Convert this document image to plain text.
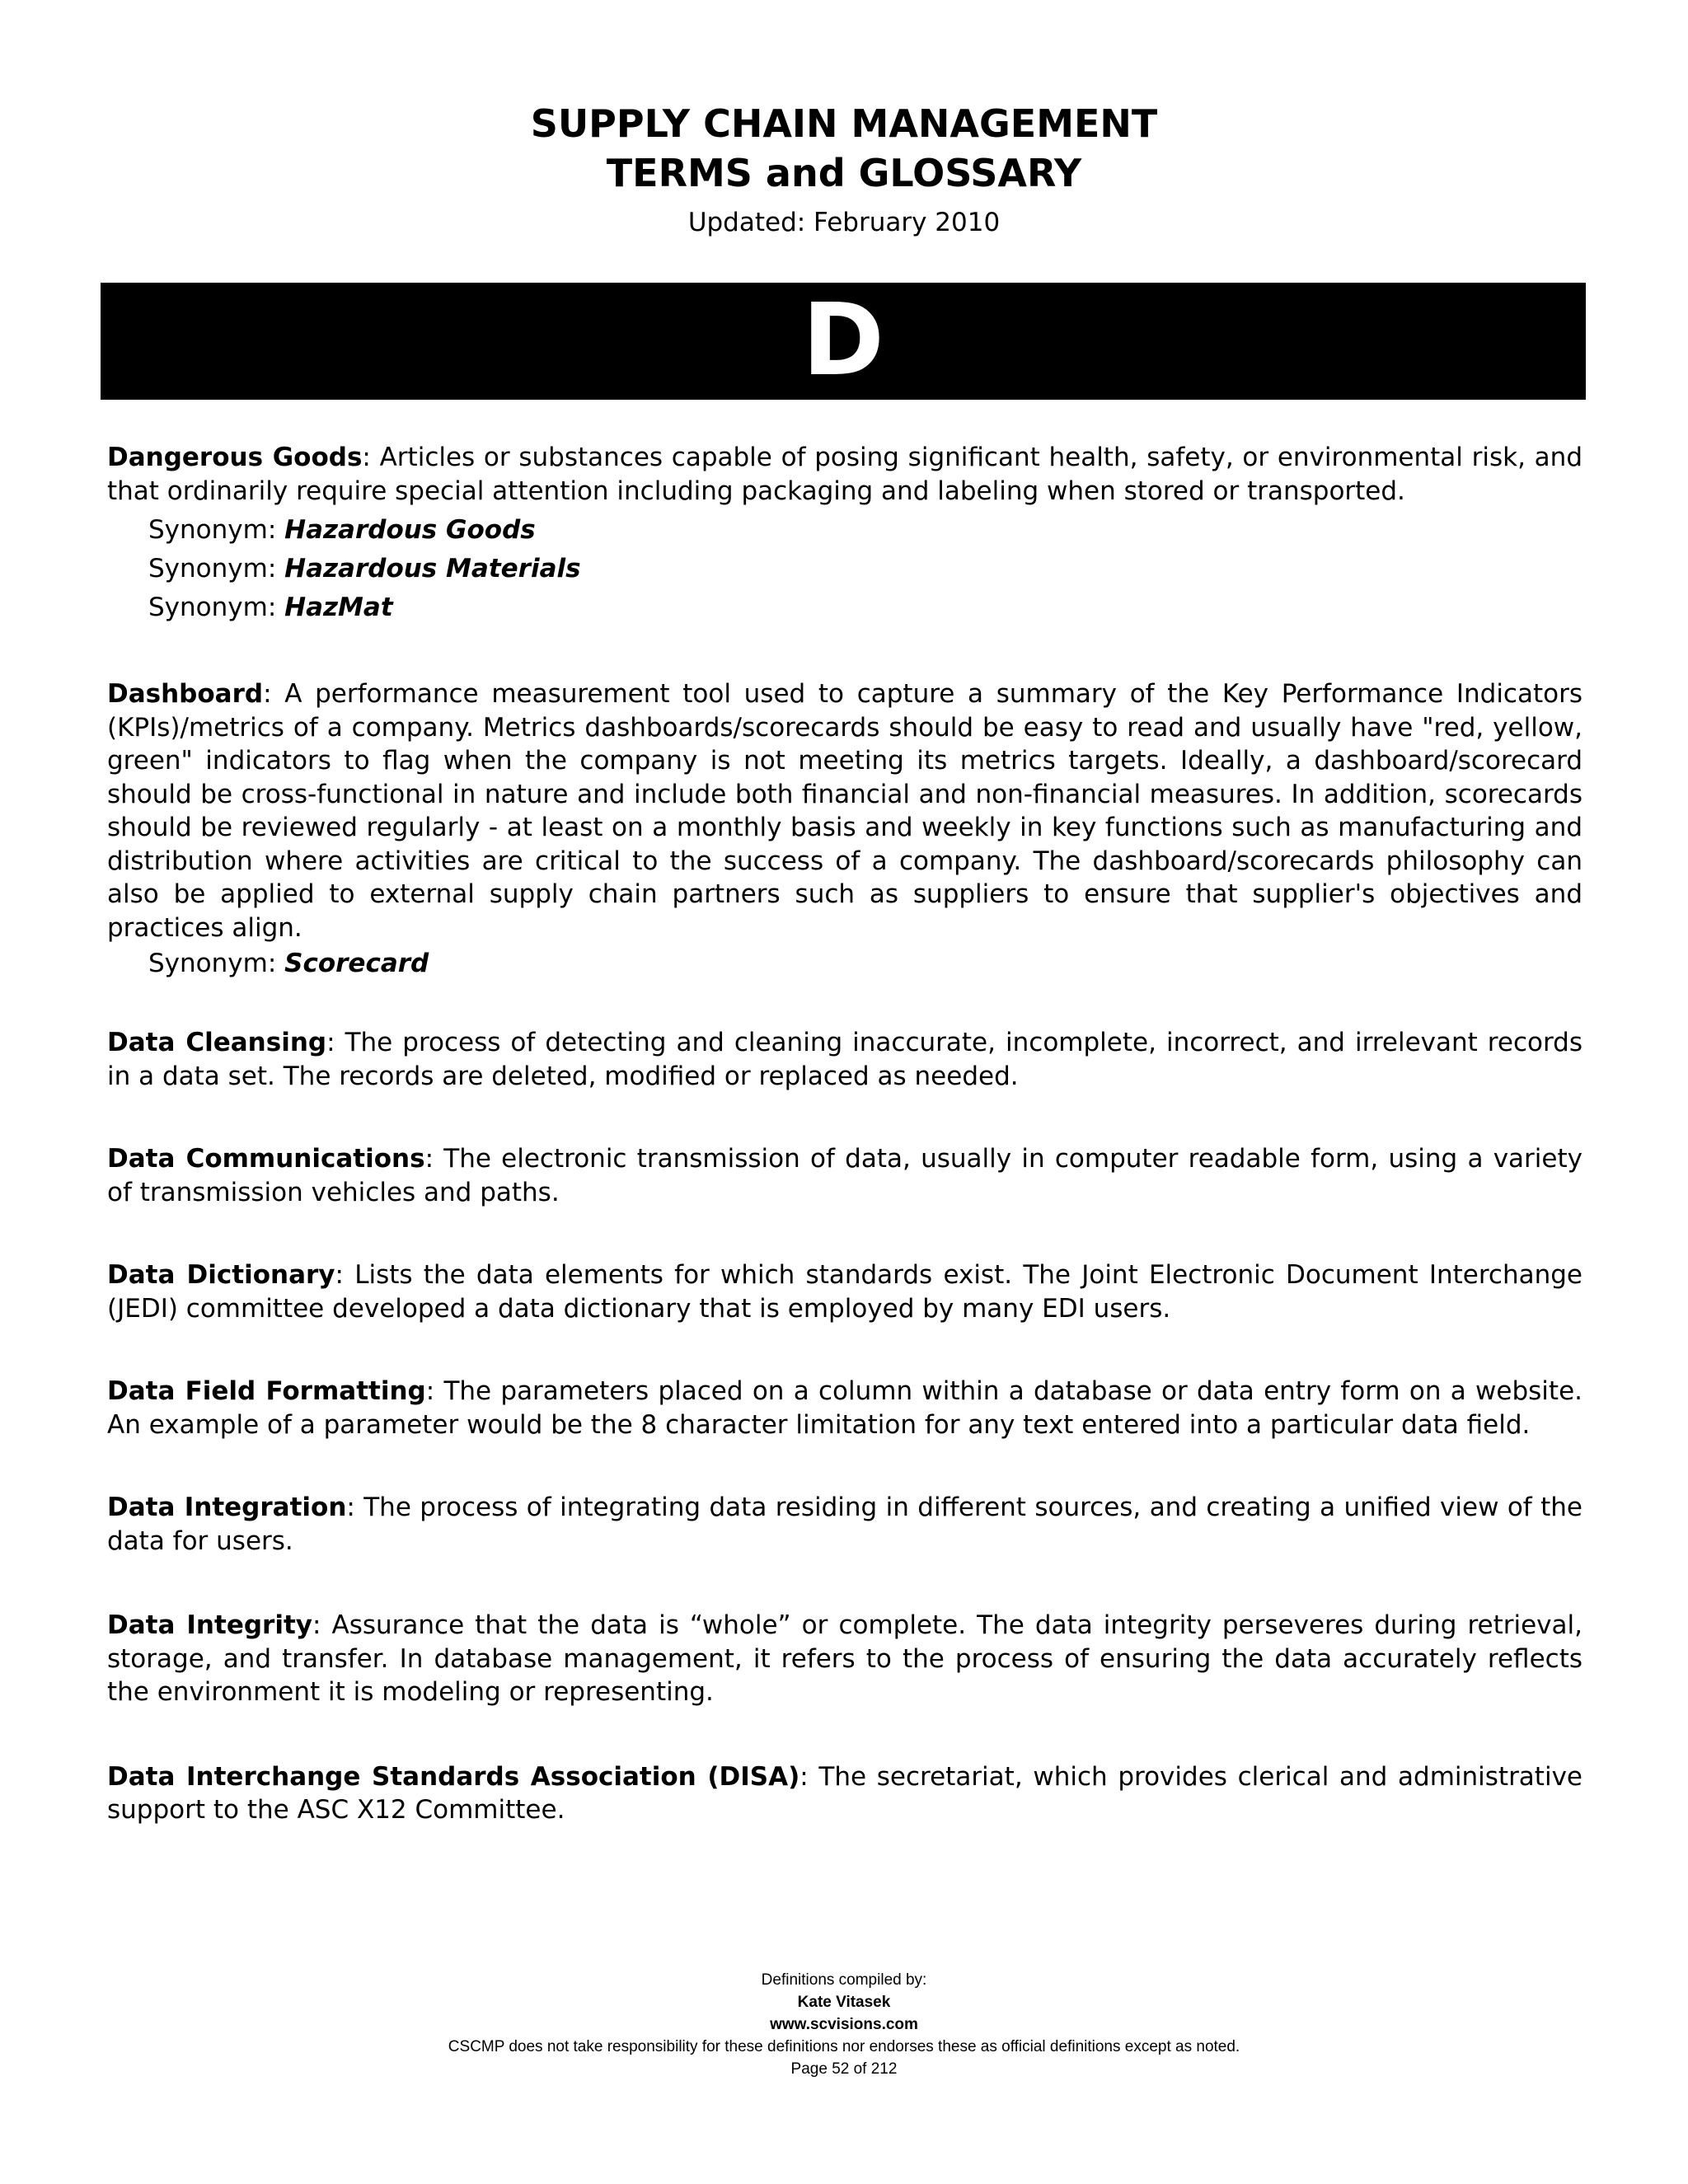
SUPPLY CHAIN MANAGEMENT
TERMS and GLOSSARY
Updated: February 2010
D

Dangerous Goods: Articles or substances capable of posing significant health, safety, or environmental risk, and that ordinarily require special attention including packaging and labeling when stored or transported.

Synonym: Hazardous Goods

Synonym: Hazardous Materials

Synonym: HazMat

Dashboard: A performance measurement tool used to capture a summary of the Key Performance Indicators (KPIs)/metrics of a company. Metrics dashboards/scorecards should be easy to read and usually have "red, yellow, green" indicators to flag when the company is not meeting its metrics targets. Ideally, a dashboard/scorecard should be cross-functional in nature and include both financial and non-financial measures. In addition, scorecards should be reviewed regularly - at least on a monthly basis and weekly in key functions such as manufacturing and distribution where activities are critical to the success of a company. The dashboard/scorecards philosophy can also be applied to external supply chain partners such as suppliers to ensure that supplier's objectives and practices align.

Synonym: Scorecard

Data Cleansing: The process of detecting and cleaning inaccurate, incomplete, incorrect, and irrelevant records in a data set. The records are deleted, modified or replaced as needed.

Data Communications: The electronic transmission of data, usually in computer readable form, using a variety of transmission vehicles and paths.

Data Dictionary: Lists the data elements for which standards exist. The Joint Electronic Document Interchange (JEDI) committee developed a data dictionary that is employed by many EDI users.

Data Field Formatting: The parameters placed on a column within a database or data entry form on a website. An example of a parameter would be the 8 character limitation for any text entered into a particular data field.

Data Integration: The process of integrating data residing in different sources, and creating a unified view of the data for users.

Data Integrity: Assurance that the data is “whole” or complete. The data integrity perseveres during retrieval, storage, and transfer. In database management, it refers to the process of ensuring the data accurately reflects the environment it is modeling or representing.

Data Interchange Standards Association (DISA): The secretariat, which provides clerical and administrative support to the ASC X12 Committee.

Definitions compiled by:
Kate Vitasek
www.scvisions.com
CSCMP does not take responsibility for these definitions nor endorses these as official definitions except as noted.
Page 52 of 212
